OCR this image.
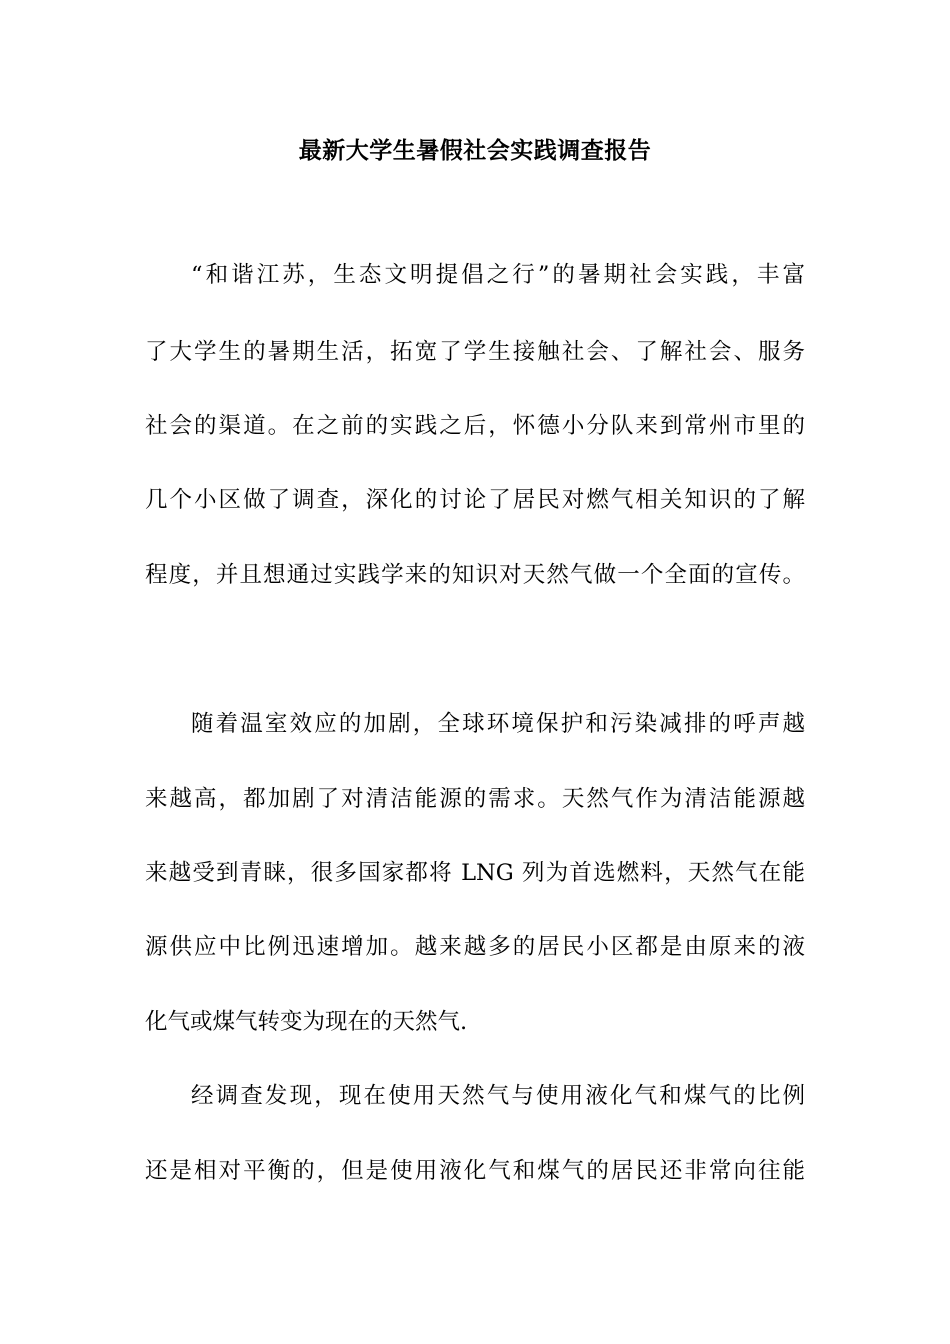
最新大学生暑假社会实践调查报告
“和谐江苏，生态文明提倡之行”的暑期社会实践，丰富
了大学生的暑期生活，拓宽了学生接触社会、了解社会、服务
社会的渠道。在之前的实践之后，怀德小分队来到常州市里的
几个小区做了调查，深化的讨论了居民对燃气相关知识的了解
程度，并且想通过实践学来的知识对天然气做一个全面的宣传。
随着温室效应的加剧，全球环境保护和污染减排的呼声越
来越高，都加剧了对清洁能源的需求。天然气作为清洁能源越
来越受到青睐，很多国家都将 LNG 列为首选燃料，天然气在能
源供应中比例迅速增加。越来越多的居民小区都是由原来的液
化气或煤气转变为现在的天然气.
经调查发现，现在使用天然气与使用液化气和煤气的比例
还是相对平衡的，但是使用液化气和煤气的居民还非常向往能
